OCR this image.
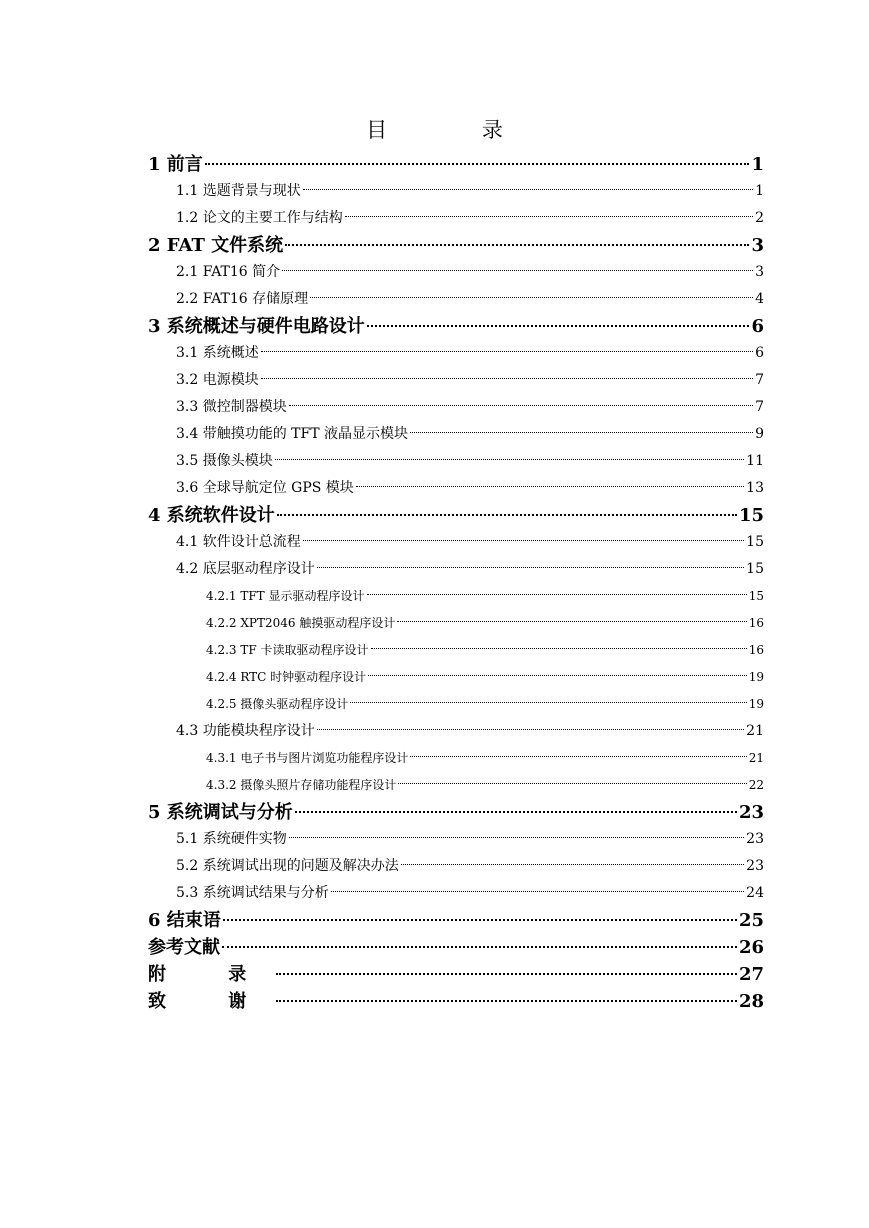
目 录
1 前言	1
1.1 选题背景与现状	1
1.2 论文的主要工作与结构	2
2 FAT 文件系统	3
2.1 FAT16 简介	3
2.2 FAT16 存储原理	4
3 系统概述与硬件电路设计	6
3.1 系统概述	6
3.2 电源模块	7
3.3 微控制器模块	7
3.4 带触摸功能的 TFT 液晶显示模块	9
3.5 摄像头模块	11
3.6 全球导航定位 GPS 模块	13
4 系统软件设计	15
4.1 软件设计总流程	15
4.2 底层驱动程序设计	15
4.2.1 TFT 显示驱动程序设计	15
4.2.2 XPT2046 触摸驱动程序设计	16
4.2.3 TF 卡读取驱动程序设计	16
4.2.4 RTC 时钟驱动程序设计	19
4.2.5 摄像头驱动程序设计	19
4.3 功能模块程序设计	21
4.3.1 电子书与图片浏览功能程序设计	21
4.3.2 摄像头照片存储功能程序设计	22
5 系统调试与分析	23
5.1 系统硬件实物	23
5.2 系统调试出现的问题及解决办法	23
5.3 系统调试结果与分析	24
6 结束语	25
参考文献	26
附 录	27
致 谢	28
